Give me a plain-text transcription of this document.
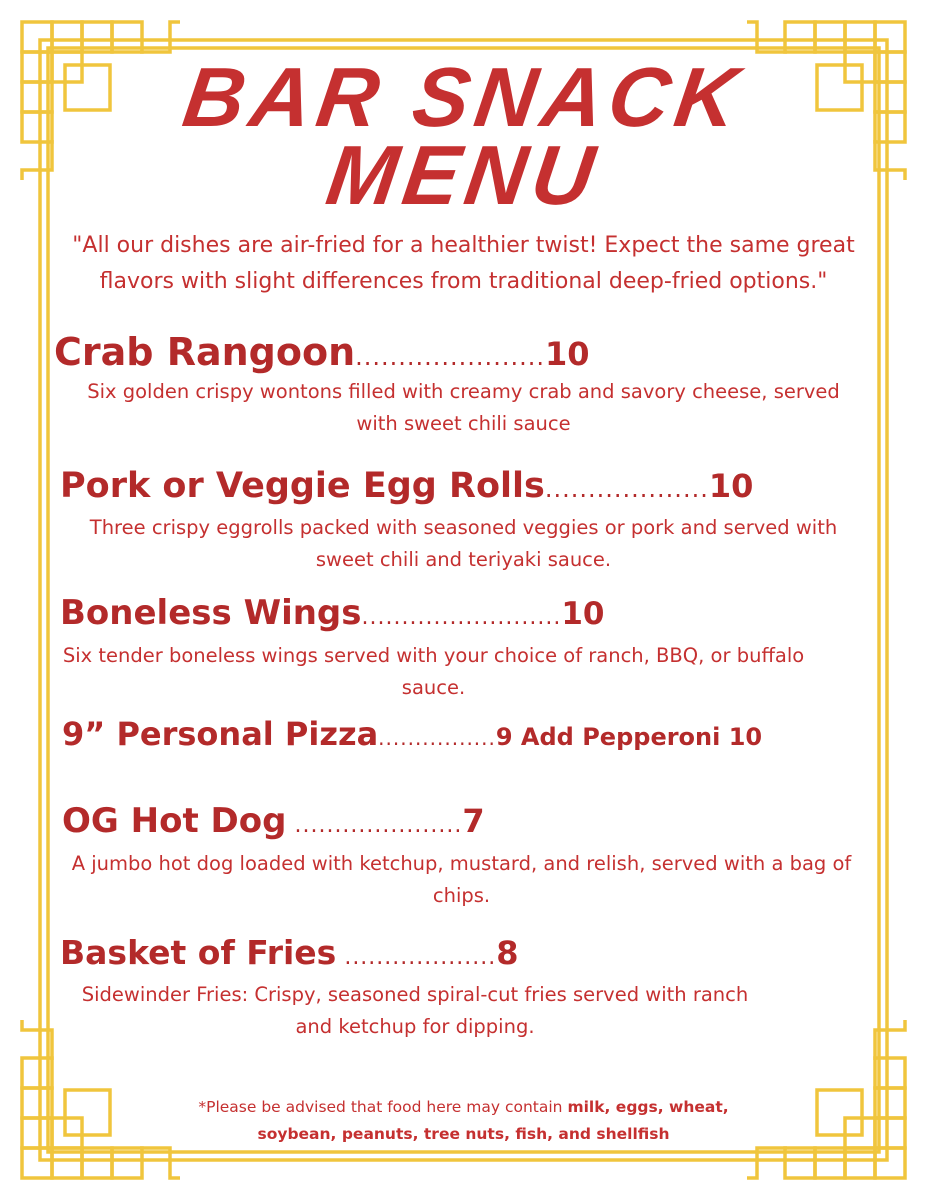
BAR SNACK
MENU
"All our dishes are air-fried for a healthier twist! Expect the same great flavors with slight differences from traditional deep-fried options."
Crab Rangoon......................10
Six golden crispy wontons filled with creamy crab and savory cheese, served with sweet chili sauce
Pork or Veggie Egg Rolls...................10
Three crispy eggrolls packed with seasoned veggies or pork and served with sweet chili and teriyaki sauce.
Boneless Wings.........................10
Six tender boneless wings served with your choice of ranch, BBQ, or buffalo sauce.
9” Personal Pizza................9 Add Pepperoni 10
OG Hot Dog .....................7
A jumbo hot dog loaded with ketchup, mustard, and relish, served with a bag of chips.
Basket of Fries ...................8
Sidewinder Fries: Crispy, seasoned spiral-cut fries served with ranch and ketchup for dipping.
*Please be advised that food here may contain milk, eggs, wheat, soybean, peanuts, tree nuts, fish, and shellfish
